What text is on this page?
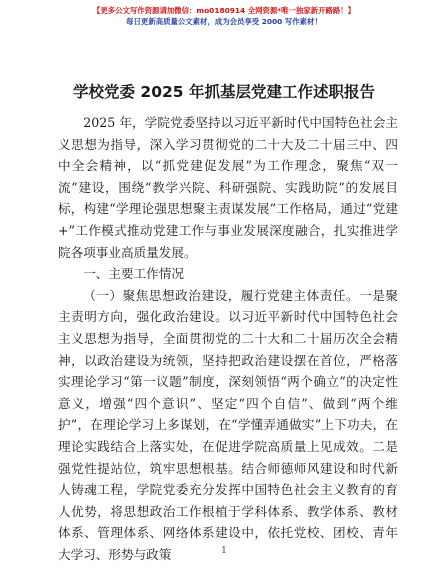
【更多公文写作资源请加微信：mo0180914 全网资源*唯一独家新开路路！】
每日更新高质量公文素材，成为会员享受 2000 写作素材！
学校党委 2025 年抓基层党建工作述职报告

2025 年，学院党委坚持以习近平新时代中国特色社会主义思想为指导，深入学习贯彻党的二十大及二十届三中、四中全会精神，以“抓党建促发展”为工作理念，聚焦“双一流”建设，围绕“教学兴院、科研强院、实践助院”的发展目标，构建“学理论强思想聚主责谋发展”工作格局，通过“党建+”工作模式推动党建工作与事业发展深度融合，扎实推进学院各项事业高质量发展。

一、主要工作情况

（一）聚焦思想政治建设，履行党建主体责任。一是聚主责明方向，强化政治建设。以习近平新时代中国特色社会主义思想为指导，全面贯彻党的二十大和二十届历次全会精神，以政治建设为统领，坚持把政治建设摆在首位，严格落实理论学习“第一议题”制度，深刻领悟“两个确立”的决定性意义，增强“四个意识”、坚定“四个自信”、做到“两个维护”，在理论学习上多谋划，在“学懂弄通做实”上下功夫，在理论实践结合上落实处，在促进学院高质量上见成效。二是强党性提站位，筑牢思想根基。结合师德师风建设和时代新人铸魂工程，学院党委充分发挥中国特色社会主义教育的育人优势，将思想政治工作根植于学科体系、教学体系、教材体系、管理体系、网络体系建设中，依托党校、团校、青年大学习、形势与政策	1
